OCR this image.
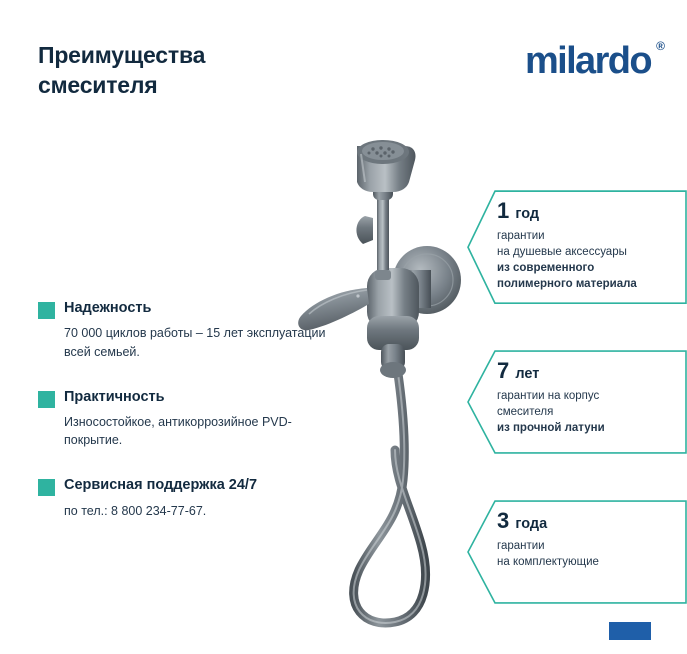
Преимущества
смесителя
milardo ®
Надежность
70 000 циклов работы – 15 лет эксплуатации всей семьей.
Практичность
Износостойкое, антикоррозийное PVD-покрытие.
Сервисная поддержка 24/7
по тел.: 8 800 234-77-67.
1 год
гарантии
на душевые аксессуары
из современного
полимерного материала
7 лет
гарантии на корпус
смесителя
из прочной латуни
3 года
гарантии
на комплектующие
